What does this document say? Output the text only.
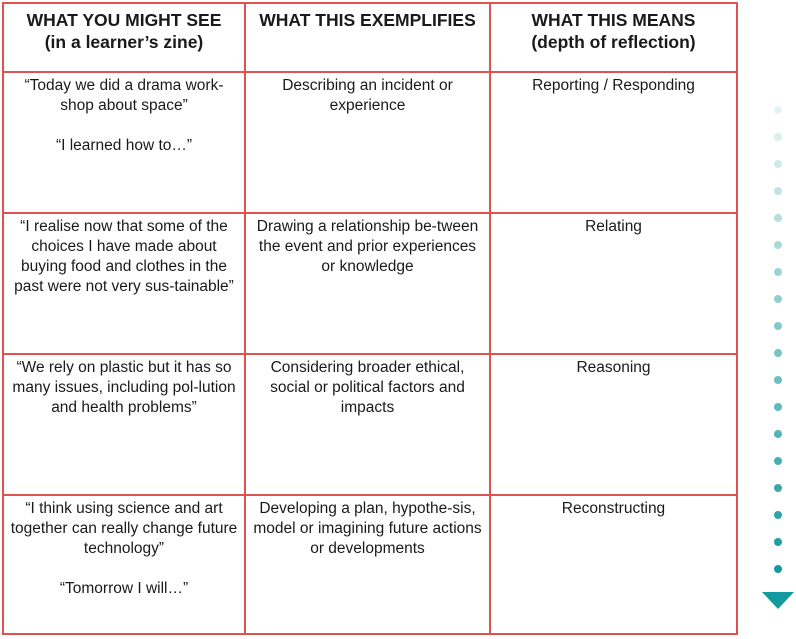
WHAT YOU MIGHT SEE
(in a learner’s zine)
WHAT THIS EXEMPLIFIES	WHAT THIS MEANS
(depth of reflection)

“Today we did a drama work-shop about space”

“I learned how to…”

Describing an incident or experience

Reporting / Responding

“I realise now that some of the choices I have made about buying food and clothes in the past were not very sus-tainable”

Drawing a relationship be-tween the event and prior experiences or knowledge

Relating

“We rely on plastic but it has so many issues, including pol-lution and health problems”

Considering broader ethical, social or political factors and impacts

Reasoning

“I think using science and art together can really change future technology”

“Tomorrow I will…”

Developing a plan, hypothe-sis, model or imagining future actions or developments

Reconstructing
